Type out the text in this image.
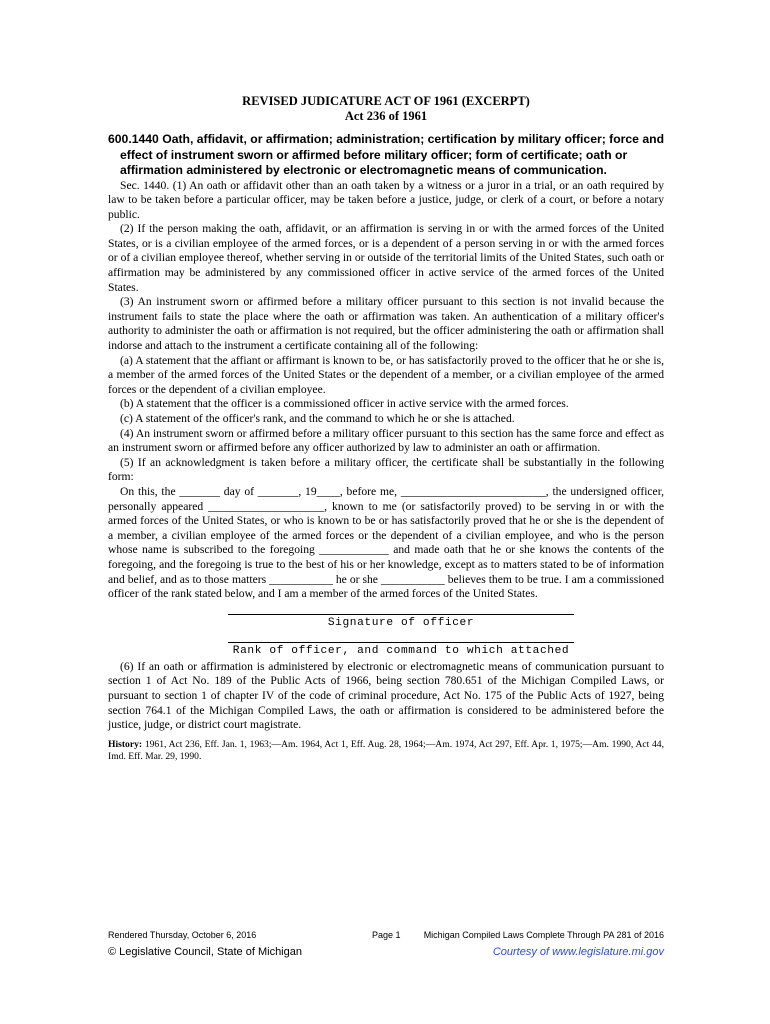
REVISED JUDICATURE ACT OF 1961 (EXCERPT)
Act 236 of 1961
600.1440 Oath, affidavit, or affirmation; administration; certification by military officer; force and effect of instrument sworn or affirmed before military officer; form of certificate; oath or affirmation administered by electronic or electromagnetic means of communication.

Sec. 1440. (1) An oath or affidavit other than an oath taken by a witness or a juror in a trial, or an oath required by law to be taken before a particular officer, may be taken before a justice, judge, or clerk of a court, or before a notary public.

(2) If the person making the oath, affidavit, or an affirmation is serving in or with the armed forces of the United States, or is a civilian employee of the armed forces, or is a dependent of a person serving in or with the armed forces or of a civilian employee thereof, whether serving in or outside of the territorial limits of the United States, such oath or affirmation may be administered by any commissioned officer in active service of the armed forces of the United States.

(3) An instrument sworn or affirmed before a military officer pursuant to this section is not invalid because the instrument fails to state the place where the oath or affirmation was taken. An authentication of a military officer's authority to administer the oath or affirmation is not required, but the officer administering the oath or affirmation shall indorse and attach to the instrument a certificate containing all of the following:

(a) A statement that the affiant or affirmant is known to be, or has satisfactorily proved to the officer that he or she is, a member of the armed forces of the United States or the dependent of a member, or a civilian employee of the armed forces or the dependent of a civilian employee.

(b) A statement that the officer is a commissioned officer in active service with the armed forces.

(c) A statement of the officer's rank, and the command to which he or she is attached.

(4) An instrument sworn or affirmed before a military officer pursuant to this section has the same force and effect as an instrument sworn or affirmed before any officer authorized by law to administer an oath or affirmation.

(5) If an acknowledgment is taken before a military officer, the certificate shall be substantially in the following form:

On this, the _______ day of _______, 19____, before me, _________________________, the undersigned officer, personally appeared ____________________, known to me (or satisfactorily proved) to be serving in or with the armed forces of the United States, or who is known to be or has satisfactorily proved that he or she is the dependent of a member, a civilian employee of the armed forces or the dependent of a civilian employee, and who is the person whose name is subscribed to the foregoing ____________ and made oath that he or she knows the contents of the foregoing, and the foregoing is true to the best of his or her knowledge, except as to matters stated to be of information and belief, and as to those matters ___________ he or she ___________ believes them to be true. I am a commissioned officer of the rank stated below, and I am a member of the armed forces of the United States.

Signature of officer
Rank of officer, and command to which attached

(6) If an oath or affirmation is administered by electronic or electromagnetic means of communication pursuant to section 1 of Act No. 189 of the Public Acts of 1966, being section 780.651 of the Michigan Compiled Laws, or pursuant to section 1 of chapter IV of the code of criminal procedure, Act No. 175 of the Public Acts of 1927, being section 764.1 of the Michigan Compiled Laws, the oath or affirmation is considered to be administered before the justice, judge, or district court magistrate.

History: 1961, Act 236, Eff. Jan. 1, 1963;—Am. 1964, Act 1, Eff. Aug. 28, 1964;—Am. 1974, Act 297, Eff. Apr. 1, 1975;—Am. 1990, Act 44, Imd. Eff. Mar. 29, 1990.
Rendered Thursday, October 6, 2016	Page 1	Michigan Compiled Laws Complete Through PA 281 of 2016
© Legislative Council, State of Michigan	Courtesy of www.legislature.mi.gov
